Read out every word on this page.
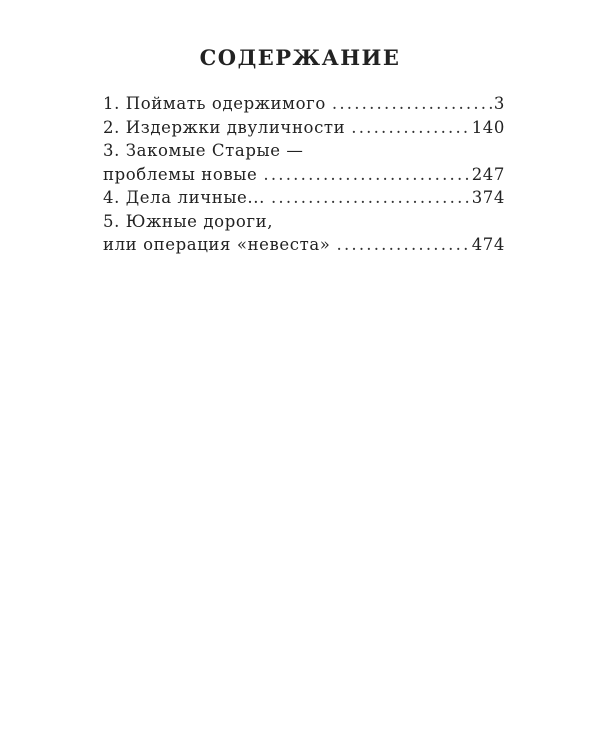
СОДЕРЖАНИЕ
1. Поймать одержимого .....	3
2. Издержки двуличности .....	140
3. Закомые Старые —
проблемы новые .....	247
4. Дела личные... .....	374
5. Южные дороги,
или операция «невеста» .....	474
